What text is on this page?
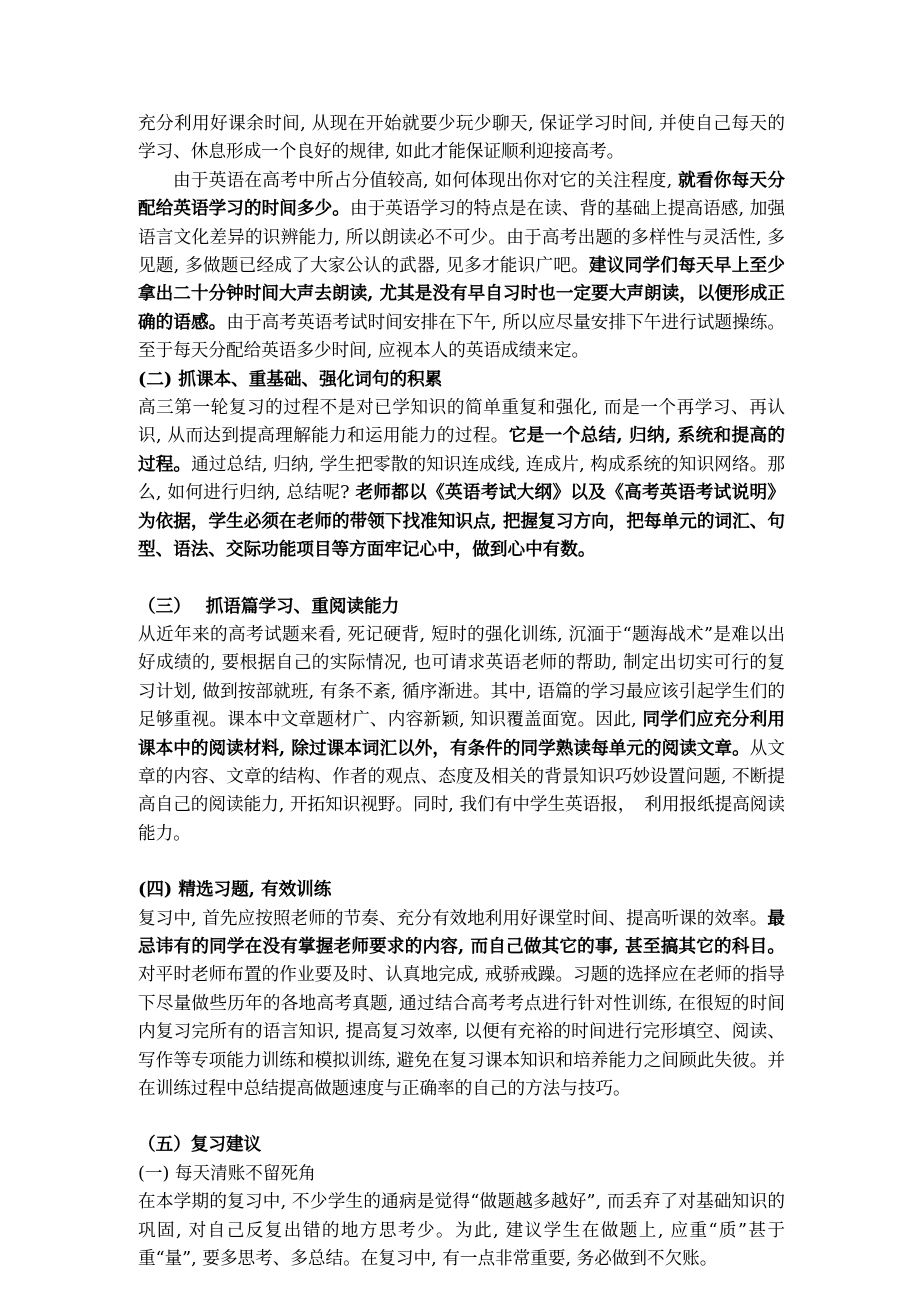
充分利用好课余时间, 从现在开始就要少玩少聊天, 保证学习时间, 并使自己每天的学习、休息形成一个良好的规律, 如此才能保证顺利迎接高考。

由于英语在高考中所占分值较高, 如何体现出你对它的关注程度, 就看你每天分配给英语学习的时间多少。由于英语学习的特点是在读、背的基础上提高语感, 加强语言文化差异的识辨能力, 所以朗读必不可少。由于高考出题的多样性与灵活性, 多见题, 多做题已经成了大家公认的武器, 见多才能识广吧。建议同学们每天早上至少拿出二十分钟时间大声去朗读, 尤其是没有早自习时也一定要大声朗读，以便形成正确的语感。由于高考英语考试时间安排在下午, 所以应尽量安排下午进行试题操练。至于每天分配给英语多少时间, 应视本人的英语成绩来定。

(二) 抓课本、重基础、强化词句的积累

高三第一轮复习的过程不是对已学知识的简单重复和强化, 而是一个再学习、再认识, 从而达到提高理解能力和运用能力的过程。它是一个总结, 归纳, 系统和提高的过程。通过总结, 归纳, 学生把零散的知识连成线, 连成片, 构成系统的知识网络。那么, 如何进行归纳, 总结呢? 老师都以《英语考试大纲》以及《高考英语考试说明》为依据，学生必须在老师的带领下找准知识点, 把握复习方向，把每单元的词汇、句型、语法、交际功能项目等方面牢记心中，做到心中有数。

（三）　 抓语篇学习、重阅读能力

从近年来的高考试题来看, 死记硬背, 短时的强化训练, 沉湎于“题海战术”是难以出好成绩的, 要根据自己的实际情况, 也可请求英语老师的帮助, 制定出切实可行的复习计划, 做到按部就班, 有条不紊, 循序渐进。其中, 语篇的学习最应该引起学生们的足够重视。课本中文章题材广、内容新颖, 知识覆盖面宽。因此, 同学们应充分利用课本中的阅读材料, 除过课本词汇以外，有条件的同学熟读每单元的阅读文章。从文章的内容、文章的结构、作者的观点、态度及相关的背景知识巧妙设置问题, 不断提高自己的阅读能力, 开拓知识视野。同时, 我们有中学生英语报，　利用报纸提高阅读能力。

(四) 精选习题, 有效训练

复习中, 首先应按照老师的节奏、充分有效地利用好课堂时间、提高听课的效率。最忌讳有的同学在没有掌握老师要求的内容, 而自己做其它的事, 甚至搞其它的科目。对平时老师布置的作业要及时、认真地完成, 戒骄戒躁。习题的选择应在老师的指导下尽量做些历年的各地高考真题, 通过结合高考考点进行针对性训练, 在很短的时间内复习完所有的语言知识, 提高复习效率, 以便有充裕的时间进行完形填空、阅读、写作等专项能力训练和模拟训练, 避免在复习课本知识和培养能力之间顾此失彼。并在训练过程中总结提高做题速度与正确率的自己的方法与技巧。

（五）复习建议

(一) 每天清账不留死角

在本学期的复习中, 不少学生的通病是觉得“做题越多越好”, 而丢弃了对基础知识的巩固, 对自己反复出错的地方思考少。为此, 建议学生在做题上, 应重“质”甚于重“量”, 要多思考、多总结。在复习中, 有一点非常重要, 务必做到不欠账。
